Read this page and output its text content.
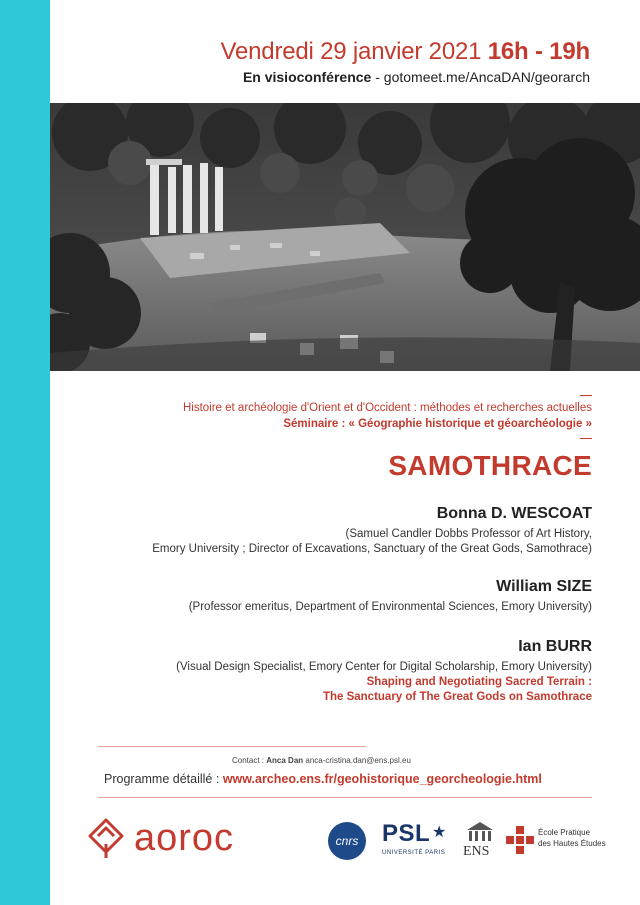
Vendredi 29 janvier 2021 16h - 19h
En visioconférence - gotomeet.me/AncaDAN/georarch
Histoire et archéologie d'Orient et d'Occident : méthodes et recherches actuelles
Séminaire : « Géographie historique et géoarchéologie »
SAMOTHRACE
Bonna D. WESCOAT
(Samuel Candler Dobbs Professor of Art History,
Emory University ; Director of Excavations, Sanctuary of the Great Gods, Samothrace)
William SIZE
(Professor emeritus, Department of Environmental Sciences, Emory University)
Ian BURR
(Visual Design Specialist, Emory Center for Digital Scholarship, Emory University)
Shaping and Negotiating Sacred Terrain :
The Sanctuary of The Great Gods on Samothrace
Contact : Anca Dan anca-cristina.dan@ens.psl.eu
Programme détaillé : www.archeo.ens.fr/geohistorique_georcheologie.html
aoroc	cnrs PSL ★
UNIVERSITÉ PARIS ENS
École Pratique
des Hautes Études
